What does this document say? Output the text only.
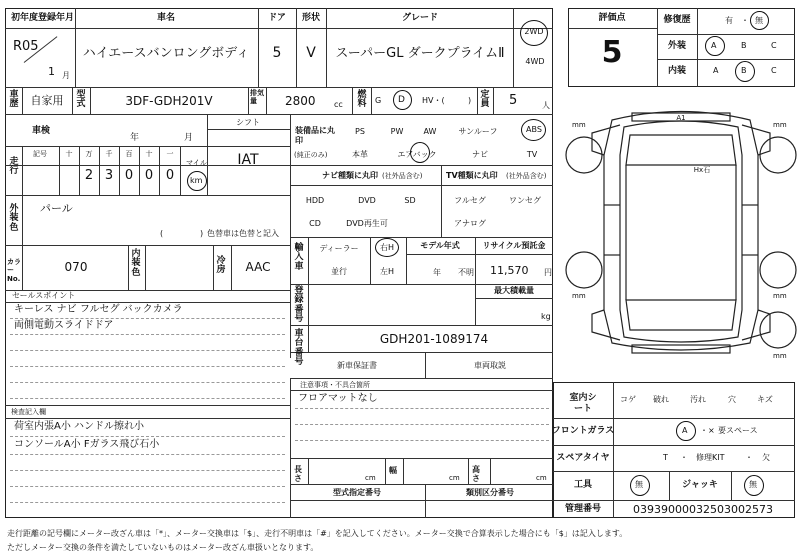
初年度登録年月
R05
1 月
車名
ハイエースバンロングボディ
ドア
5
形状
V
グレード
スーパーGL ダークプライムⅡ
2WD
4WD
車歴 自家用 型式	3DF-GDH201V
排気量	2800 cc
燃料 G D HV・(	)
定員 5	人
車検
年	月
シフト
IAT
走行
記号	十 万 千 百 十 一
2 3 0 0 0
マイル
km
装備品に丸印
(純正のみ)
PS	PW	AW	サンルーフ	ABS
本革	エアバック	ナビ	TV
ナビ種類に丸印 (社外品含む)	TV種類に丸印 (社外品含む)
HDD	DVD	SD
CD	DVD再生可
フルセグ	ワンセグ
アナログ
外装色
パール
(	) 色替車は色替と記入
輸入車
ディーラー
並行
右H
左H
モデル年式
年 不明
リサイクル預託金
11,570 円
カラーNo.
070
内装色
冷房 AAC
セールスポイント
キーレス ナビ フルセグ バックカメラ
両側電動スライドドア
登録番号
最大積載量
kg
車台番号
GDH201-1089174
新車保証書	車両取説
注意事項・不具合箇所
フロアマットなし
検査記入欄
荷室内張A小 ハンドル擦れ小
コンソールA小 Fガラス飛び石小
長さ	cm
幅
cm
高さ	cm
型式指定番号	類別区分番号
評価点
5
修復歴	有 ・ 無
外装	A	B	C
内装	A	B	C
A1
Hx石
mm	mm
mm	mm
mm
室内シート
コゲ 破れ	汚れ	穴	キズ
フロントガラス	A ・× 要スペース
スペアタイヤ	T ・ 修理KIT	・ 欠
工具	無	ジャッキ	無
管理番号	03939000032503002573
走行距離の記号欄にメーター改ざん車は「*」、メーター交換車は「$」、走行不明車は「#」を記入してください。メーター交換で合算表示した場合にも「$」は記入します。
ただしメーター交換の条件を満たしていないものはメーター改ざん車扱いとなります。
